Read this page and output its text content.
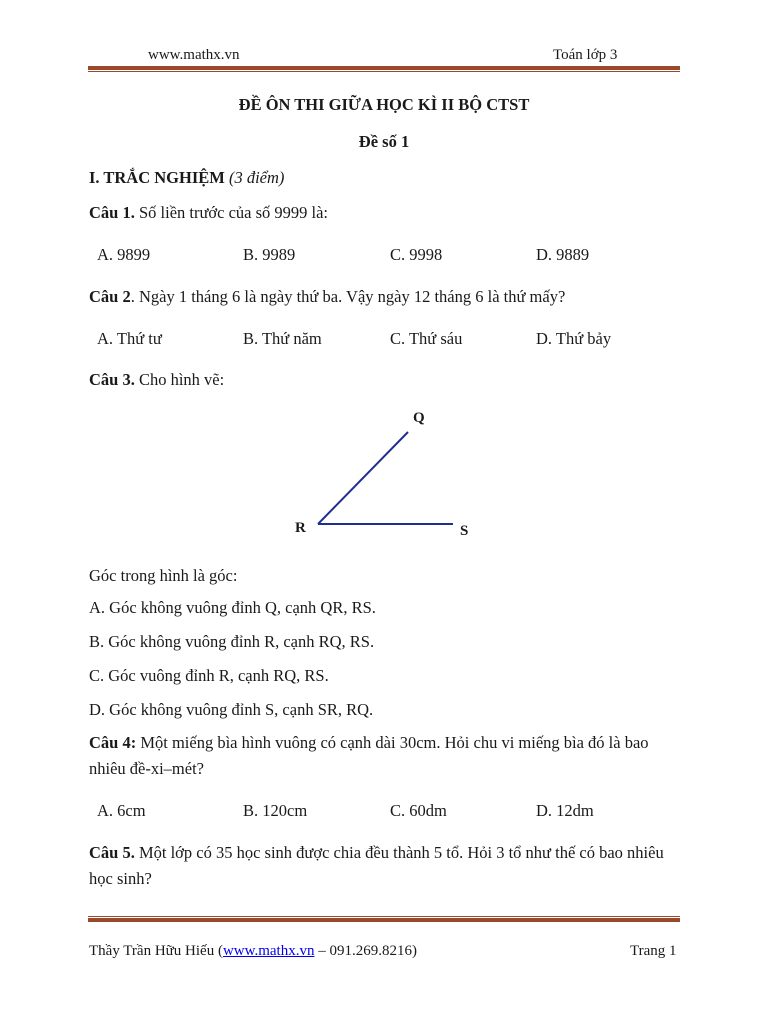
www.mathx.vn	Toán lớp 3
ĐỀ ÔN THI GIỮA HỌC KÌ II BỘ CTST
Đề số 1
I. TRẮC NGHIỆM (3 điểm)
Câu 1. Số liền trước của số 9999 là:
A. 9899	B. 9989	C. 9998	D. 9889
Câu 2. Ngày 1 tháng 6 là ngày thứ ba. Vậy ngày 12 tháng 6 là thứ mấy?
A. Thứ tư	B. Thứ năm	C. Thứ sáu	D. Thứ bảy
Câu 3. Cho hình vẽ:
Q
R	S
Góc trong hình là góc:
A. Góc không vuông đỉnh Q, cạnh QR, RS.
B. Góc không vuông đỉnh R, cạnh RQ, RS.
C. Góc vuông đỉnh R, cạnh RQ, RS.
D. Góc không vuông đỉnh S, cạnh SR, RQ.
Câu 4: Một miếng bìa hình vuông có cạnh dài 30cm. Hỏi chu vi miếng bìa đó là bao nhiêu đề-xi–mét?
A. 6cm	B. 120cm	C. 60dm	D. 12dm
Câu 5. Một lớp có 35 học sinh được chia đều thành 5 tổ. Hỏi 3 tổ như thế có bao nhiêu học sinh?
Thầy Trần Hữu Hiếu (www.mathx.vn – 091.269.8216)	Trang 1
